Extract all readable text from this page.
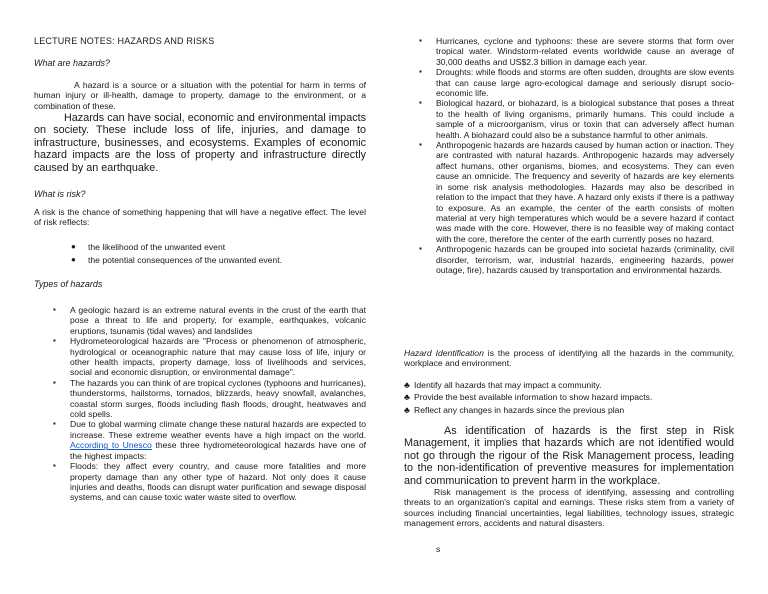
LECTURE NOTES: HAZARDS AND RISKS

What are hazards?

A hazard is a source or a situation with the potential for harm in terms of human injury or ill-health, damage to property, damage to the environment, or a combination of these.

Hazards can have social, economic and environmental impacts on society. These include loss of life, injuries, and damage to infrastructure, businesses, and ecosystems. Examples of economic hazard impacts are the loss of property and infrastructure directly caused by an earthquake.

What is risk?

A risk is the chance of something happening that will have a negative effect. The level of risk reflects:

● the likelihood of the unwanted event
● the potential consequences of the unwanted event.

Types of hazards

▪ A geologic hazard is an extreme natural events in the crust of the earth that pose a threat to life and property, for example, earthquakes, volcanic eruptions, tsunamis (tidal waves) and landslides
▪ Hydrometeorological hazards are "Process or phenomenon of atmospheric, hydrological or oceanographic nature that may cause loss of life, injury or other health impacts, property damage, loss of livelihoods and services, social and economic disruption, or environmental damage".
▪ The hazards you can think of are tropical cyclones (typhoons and hurricanes), thunderstorms, hailstorms, tornados, blizzards, heavy snowfall, avalanches, coastal storm surges, floods including flash floods, drought, heatwaves and cold spells.
▪ Due to global warming climate change these natural hazards are expected to increase. These extreme weather events have a high impact on the world. According to Unesco these three hydrometeorological hazards have one of the highest impacts:
▪ Floods: they affect every country, and cause more fatalities and more property damage than any other type of hazard. Not only does it cause injuries and deaths, floods can disrupt water purification and sewage disposal systems, and can cause toxic water waste sited to overflow.
▪ Hurricanes, cyclone and typhoons: these are severe storms that form over tropical water. Windstorm-related events worldwide cause an average of 30,000 deaths and US$2.3 billion in damage each year.
▪ Droughts: while floods and storms are often sudden, droughts are slow events that can cause large agro-ecological damage and seriously disrupt socio-economic life.
▪ Biological hazard, or biohazard, is a biological substance that poses a threat to the health of living organisms, primarily humans. This could include a sample of a microorganism, virus or toxin that can adversely affect human health. A biohazard could also be a substance harmful to other animals.
▪ Anthropogenic hazards are hazards caused by human action or inaction. They are contrasted with natural hazards. Anthropogenic hazards may adversely affect humans, other organisms, biomes, and ecosystems. They can even cause an omnicide. The frequency and severity of hazards are key elements in some risk analysis methodologies. Hazards may also be described in relation to the impact that they have. A hazard only exists if there is a pathway to exposure. As an example, the center of the earth consists of molten material at very high temperatures which would be a severe hazard if contact was made with the core. However, there is no feasible way of making contact with the core, therefore the center of the earth currently poses no hazard.
▪ Anthropogenic hazards can be grouped into societal hazards (criminality, civil disorder, terrorism, war, industrial hazards, engineering hazards, power outage, fire), hazards caused by transportation and environmental hazards.

Hazard Identification is the process of identifying all the hazards in the community, workplace and environment.

♣ Identify all hazards that may impact a community.

♣ Provide the best available information to show hazard impacts.

♣ Reflect any changes in hazards since the previous plan

As identification of hazards is the first step in Risk Management, it implies that hazards which are not identified would not go through the rigour of the Risk Management process, leading to the non-identification of preventive measures for implementation and communication to prevent harm in the workplace.

Risk management is the process of identifying, assessing and controlling threats to an organization's capital and earnings. These risks stem from a variety of sources including financial uncertainties, legal liabilities, technology issues, strategic management errors, accidents and natural disasters.

s
